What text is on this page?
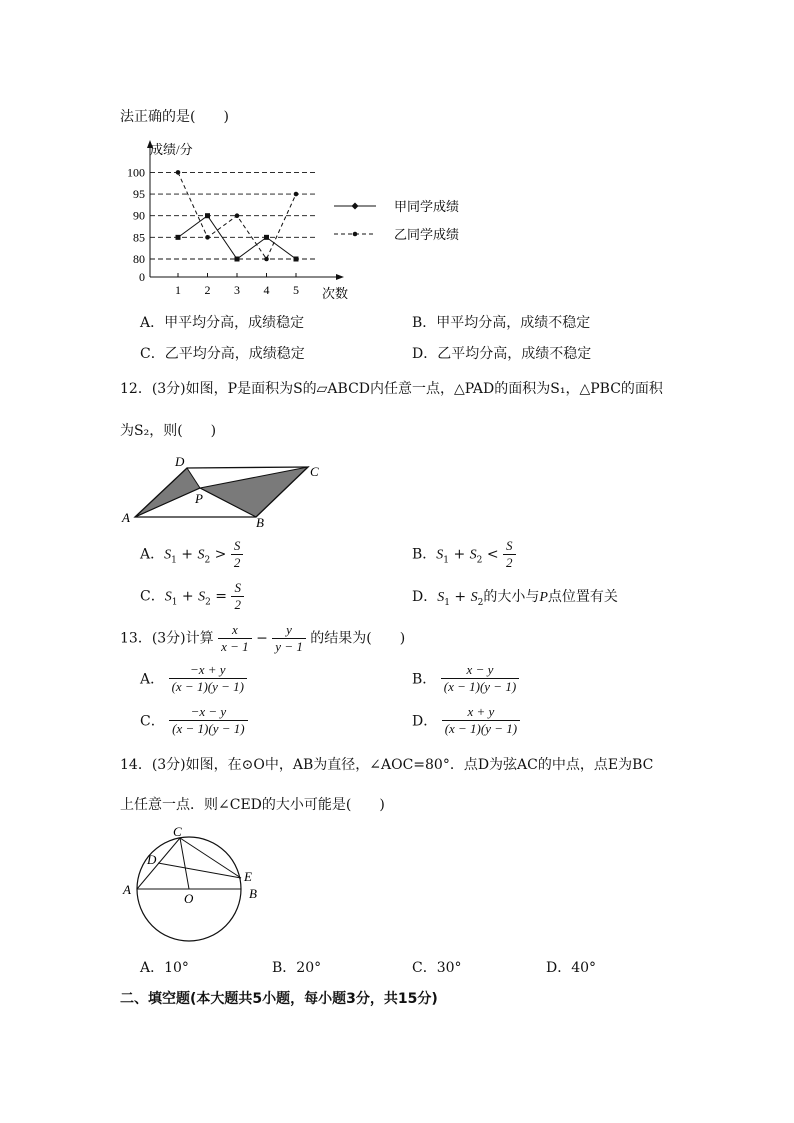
法正确的是(　　)
成绩/分
次数
0
80
85
90
95
100
1 2 3 4 5
甲同学成绩
乙同学成绩
A．甲平均分高，成绩稳定	B．甲平均分高，成绩不稳定
C．乙平均分高，成绩稳定	D．乙平均分高，成绩不稳定
12．(3分)如图，P是面积为S的▱ABCD内任意一点，△PAD的面积为S₁，△PBC的面积
为S₂，则(　　)
D
C
P
A	B
A．$S_1 + S_2 > \frac{S}{2}$	B．$S_1 + S_2 < \frac{S}{2}$
C．$S_1 + S_2 = \frac{S}{2}$	D．$S_1 + S_2$的大小与P点位置有关
13．(3分)计算 $\frac{x}{x - 1} - \frac{y}{y - 1}$ 的结果为(　　)
A． $\frac{-x + y}{(x - 1)(y - 1)}$	B． $\frac{x - y}{(x - 1)(y - 1)}$
C． $\frac{-x - y}{(x - 1)(y - 1)}$	D． $\frac{x + y}{(x - 1)(y - 1)}$
14．(3分)如图，在⊙O中，AB为直径，∠AOC=80°．点D为弦AC的中点，点E为BC
上任意一点．则∠CED的大小可能是(　　)
C
D
E
A	B
O
A．10°	B．20°	C．30°	D．40°
二、填空题(本大题共5小题，每小题3分，共15分)
